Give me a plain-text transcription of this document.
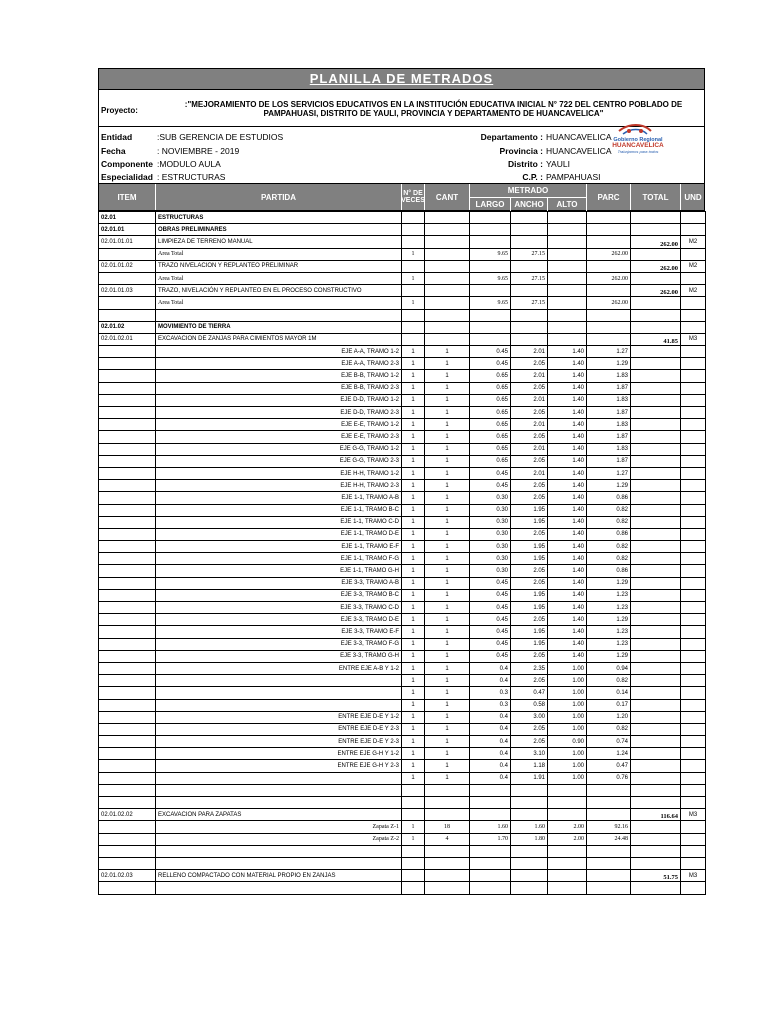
PLANILLA DE METRADOS
Proyecto:
:"MEJORAMIENTO DE LOS SERVICIOS EDUCATIVOS EN LA INSTITUCIÓN EDUCATIVA INICIAL N° 722 DEL CENTRO POBLADO DE PAMPAHUASI, DISTRITO DE YAULI, PROVINCIA Y DEPARTAMENTO DE HUANCAVELICA"
Entidad	:SUB GERENCIA DE ESTUDIOS
Fecha	: NOVIEMBRE - 2019	Provincia : HUANCAVELICA
Departamento : HUANCAVELICA
Componente :MODULO AULA	Distrito : YAULI
Especialidad : ESTRUCTURAS	C.P. : PAMPAHUASI
Gobierno Regional
HUANCAVELICA
Trabajamos para todos
ITEM	PARTIDA	N° DE VECES	CANT
METRADO
LARGO	ANCHO	ALTO
PARC	TOTAL	UND
02.01	ESTRUCTURAS								
02.01.01	OBRAS PRELIMINARES								
02.01.01.01	LIMPIEZA DE TERRENO MANUAL							262.00	M2
	Area Total	1		9.65	27.15		262.00		
02.01.01.02	TRAZO NIVELACION Y REPLANTEO PRELIMINAR							262.00	M2
	Area Total	1		9.65	27.15		262.00		
02.01.01.03	TRAZO, NIVELACIÓN Y REPLANTEO EN EL PROCESO CONSTRUCTIVO							262.00	M2
	Area Total	1		9.65	27.15		262.00		

02.01.02	MOVIMIENTO DE TIERRA								
02.01.02.01	EXCAVACION DE ZANJAS PARA CIMIENTOS MAYOR 1M							41.85	M3
	EJE A-A, TRAMO 1-2	1	1	0.45	2.01	1.40	1.27		
	EJE A-A, TRAMO 2-3	1	1	0.45	2.05	1.40	1.29		
	EJE B-B, TRAMO 1-2	1	1	0.65	2.01	1.40	1.83		
	EJE B-B, TRAMO 2-3	1	1	0.65	2.05	1.40	1.87		
	EJE D-D, TRAMO 1-2	1	1	0.65	2.01	1.40	1.83		
	EJE D-D, TRAMO 2-3	1	1	0.65	2.05	1.40	1.87		
	EJE E-E, TRAMO 1-2	1	1	0.65	2.01	1.40	1.83		
	EJE E-E, TRAMO 2-3	1	1	0.65	2.05	1.40	1.87		
	EJE G-G, TRAMO 1-2	1	1	0.65	2.01	1.40	1.83		
	EJE G-G, TRAMO 2-3	1	1	0.65	2.05	1.40	1.87		
	EJE H-H, TRAMO 1-2	1	1	0.45	2.01	1.40	1.27		
	EJE H-H, TRAMO 2-3	1	1	0.45	2.05	1.40	1.29		
	EJE 1-1, TRAMO A-B	1	1	0.30	2.05	1.40	0.86		
	EJE 1-1, TRAMO B-C	1	1	0.30	1.95	1.40	0.82		
	EJE 1-1, TRAMO C-D	1	1	0.30	1.95	1.40	0.82		
	EJE 1-1, TRAMO D-E	1	1	0.30	2.05	1.40	0.86		
	EJE 1-1, TRAMO E-F	1	1	0.30	1.95	1.40	0.82		
	EJE 1-1, TRAMO F-G	1	1	0.30	1.95	1.40	0.82		
	EJE 1-1, TRAMO G-H	1	1	0.30	2.05	1.40	0.86		
	EJE 3-3, TRAMO A-B	1	1	0.45	2.05	1.40	1.29		
	EJE 3-3, TRAMO B-C	1	1	0.45	1.95	1.40	1.23		
	EJE 3-3, TRAMO C-D	1	1	0.45	1.95	1.40	1.23		
	EJE 3-3, TRAMO D-E	1	1	0.45	2.05	1.40	1.29		
	EJE 3-3, TRAMO E-F	1	1	0.45	1.95	1.40	1.23		
	EJE 3-3, TRAMO F-G	1	1	0.45	1.95	1.40	1.23		
	EJE 3-3, TRAMO G-H	1	1	0.45	2.05	1.40	1.29		
	ENTRE EJE A-B Y 1-2	1	1	0.4	2.35	1.00	0.94		
		1	1	0.4	2.05	1.00	0.82		
		1	1	0.3	0.47	1.00	0.14		
		1	1	0.3	0.58	1.00	0.17		
	ENTRE EJE D-E Y 1-2	1	1	0.4	3.00	1.00	1.20		
	ENTRE EJE D-E Y 2-3	1	1	0.4	2.05	1.00	0.82		
	ENTRE EJE D-E Y 2-3	1	1	0.4	2.05	0.90	0.74		
	ENTRE EJE G-H Y 1-2	1	1	0.4	3.10	1.00	1.24		
	ENTRE EJE G-H Y 2-3	1	1	0.4	1.18	1.00	0.47		
		1	1	0.4	1.91	1.00	0.76		

02.01.02.02	EXCAVACION PARA ZAPATAS							116.64	M3
	Zapata Z-1	1	18	1.60	1.60	2.00	92.16		
	Zapata Z-2	1	4	1.70	1.80	2.00	24.48		

02.01.02.03	RELLENO COMPACTADO CON MATERIAL PROPIO EN ZANJAS							51.75	M3
